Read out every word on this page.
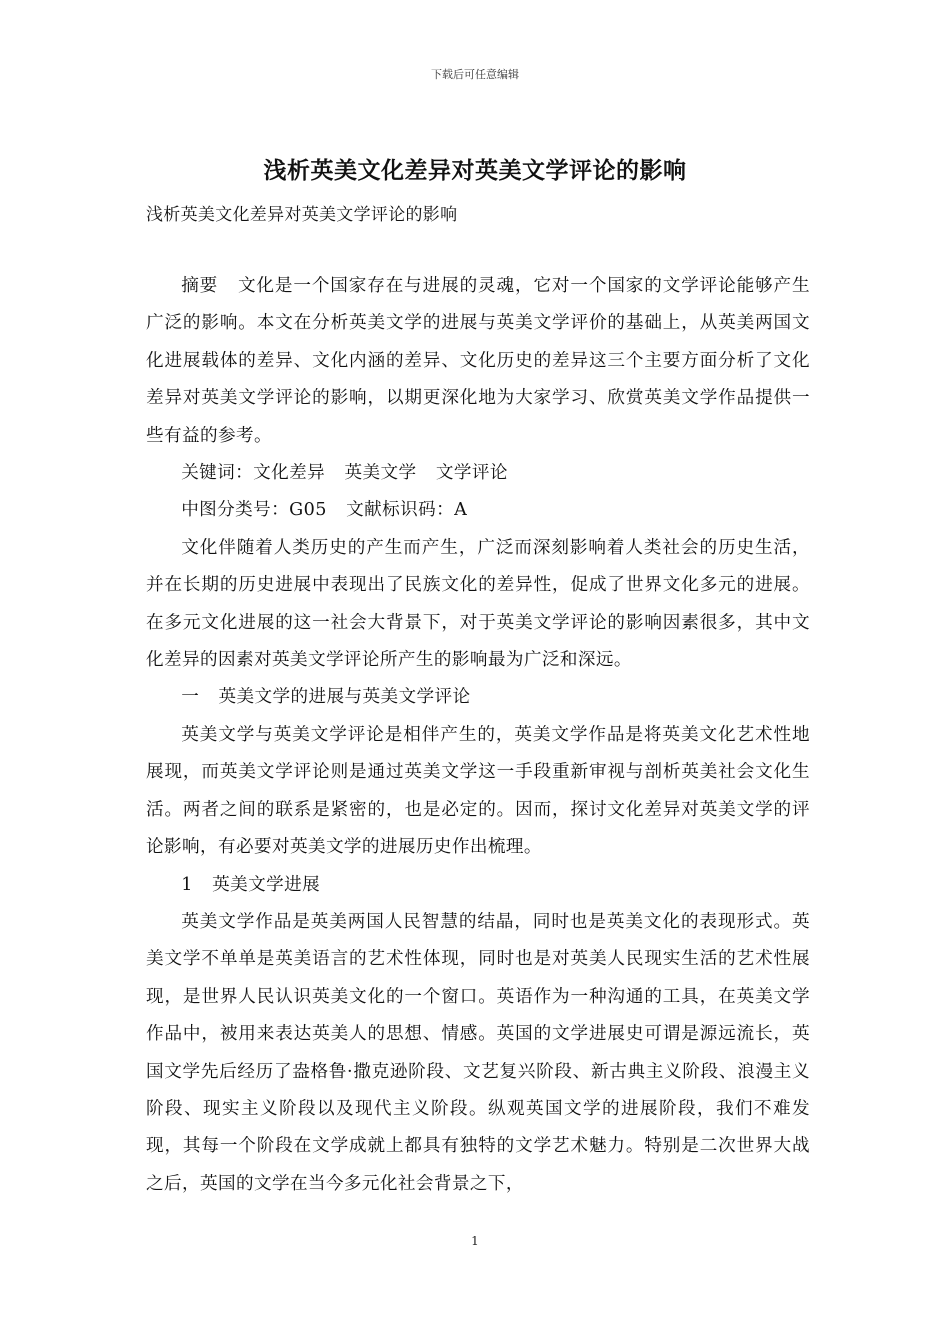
下载后可任意编辑
浅析英美文化差异对英美文学评论的影响
浅析英美文化差异对英美文学评论的影响

摘要 文化是一个国家存在与进展的灵魂，它对一个国家的文学评论能够产生广泛的影响。本文在分析英美文学的进展与英美文学评价的基础上，从英美两国文化进展载体的差异、文化内涵的差异、文化历史的差异这三个主要方面分析了文化差异对英美文学评论的影响，以期更深化地为大家学习、欣赏英美文学作品提供一些有益的参考。

关键词：文化差异 英美文学 文学评论

中图分类号：G05 文献标识码：A

文化伴随着人类历史的产生而产生，广泛而深刻影响着人类社会的历史生活，并在长期的历史进展中表现出了民族文化的差异性，促成了世界文化多元的进展。在多元文化进展的这一社会大背景下，对于英美文学评论的影响因素很多，其中文化差异的因素对英美文学评论所产生的影响最为广泛和深远。

一 英美文学的进展与英美文学评论

英美文学与英美文学评论是相伴产生的，英美文学作品是将英美文化艺术性地展现，而英美文学评论则是通过英美文学这一手段重新审视与剖析英美社会文化生活。两者之间的联系是紧密的，也是必定的。因而，探讨文化差异对英美文学的评论影响，有必要对英美文学的进展历史作出梳理。

1 英美文学进展

英美文学作品是英美两国人民智慧的结晶，同时也是英美文化的表现形式。英美文学不单单是英美语言的艺术性体现，同时也是对英美人民现实生活的艺术性展现，是世界人民认识英美文化的一个窗口。英语作为一种沟通的工具，在英美文学作品中，被用来表达英美人的思想、情感。英国的文学进展史可谓是源远流长，英国文学先后经历了盎格鲁·撒克逊阶段、文艺复兴阶段、新古典主义阶段、浪漫主义阶段、现实主义阶段以及现代主义阶段。纵观英国文学的进展阶段，我们不难发现，其每一个阶段在文学成就上都具有独特的文学艺术魅力。特别是二次世界大战之后，英国的文学在当今多元化社会背景之下，

1
